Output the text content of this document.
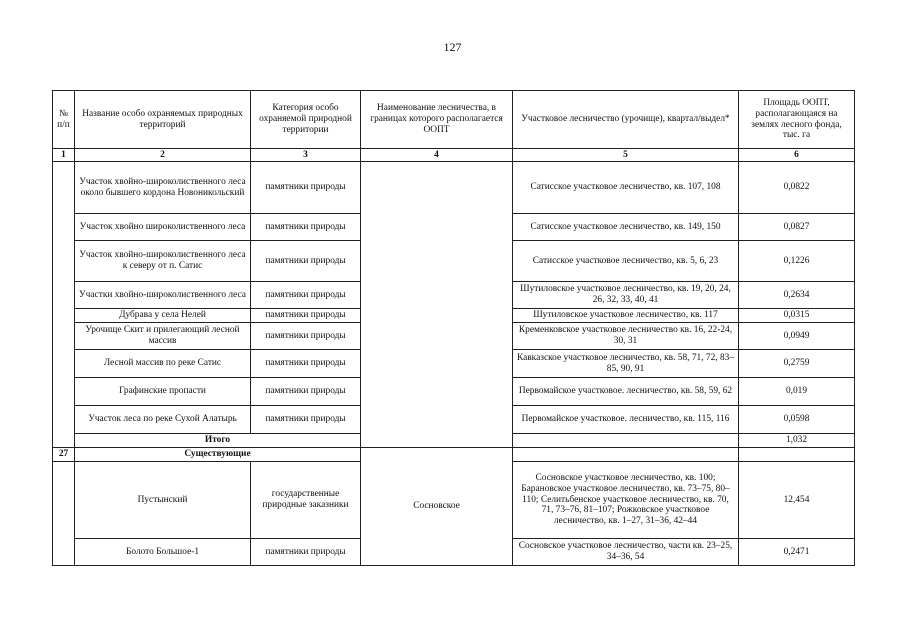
127
№ п/п	Название особо охраняемых природных территорий	Категория особо охраняемой природной территории	Наименование лесничества, в границах которого располагается ООПТ	Участковое лесничество (урочище), квартал/выдел*	Площадь ООПТ, располагающаяся на землях лесного фонда, тыс. га
1	2	3	4	5	6
	Участок хвойно-широколиственного леса около бывшего кордона Новоникольский	памятники природы		Сатисское участковое лесничество, кв. 107, 108	0,0822
	Участок хвойно широколиственного леса	памятники природы		Сатисское участковое лесничество, кв. 149, 150	0,0827
	Участок хвойно-широколиственного леса к северу от п. Сатис	памятники природы		Сатисское участковое лесничество, кв. 5, 6, 23	0,1226
	Участки хвойно-широколиственного леса	памятники природы		Шутиловское участковое лесничество, кв. 19, 20, 24, 26, 32, 33, 40, 41	0,2634
	Дубрава у села Нелей	памятники природы		Шутиловское участковое лесничество, кв. 117	0,0315
	Урочище Скит и прилегающий лесной массив	памятники природы		Кременковское участковое лесничество кв. 16, 22-24, 30, 31	0,0949
	Лесной массив по реке Сатис	памятники природы		Кавказское участковое лесничество, кв. 58, 71, 72, 83–85, 90, 91	0,2759
	Графинские пропасти	памятники природы		Первомайское участковое. лесничество, кв. 58, 59, 62	0,019
	Участок леса по реке Сухой Алатырь	памятники природы		Первомайское участковое. лесничество, кв. 115, 116	0,0598
	Итого				1,032

27	Существующие		Сосновское		
	Пустынский	государственные природные заказники		Сосновское участковое лесничество, кв. 100; Барановское участковое лесничество, кв. 73–75, 80–110; Селитьбенское участковое лесничество, кв. 70, 71, 73–76, 81–107; Рожковское участковое лесничество, кв. 1–27, 31–36, 42–44	12,454
	Болото Большое-1	памятники природы		Сосновское участковое лесничество, части кв. 23–25, 34–36, 54	0,2471
